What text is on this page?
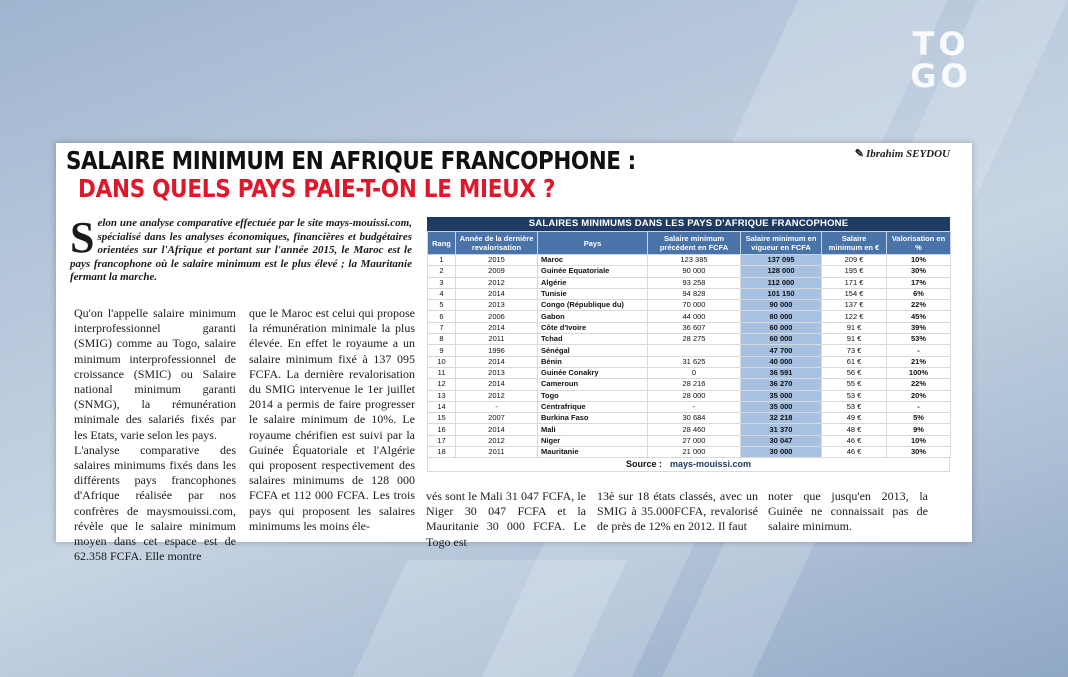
TO
GO
SALAIRE MINIMUM EN AFRIQUE FRANCOPHONE :
DANS QUELS PAYS PAIE-T-ON LE MIEUX ?
✎ Ibrahim SEYDOU
Selon une analyse comparative effectuée par le site mays-mouissi.com, spécialisé dans les analyses économiques, financières et budgétaires orientées sur l'Afrique et portant sur l'année 2015, le Maroc est le pays francophone où le salaire minimum est le plus élevé ; la Mauritanie fermant la marche.

Qu'on l'appelle salaire minimum interprofessionnel garanti (SMIG) comme au Togo, salaire minimum interprofessionnel de croissance (SMIC) ou Salaire national minimum garanti (SNMG), la rémunération minimale des salariés fixés par les Etats, varie selon les pays.

L'analyse comparative des salaires minimums fixés dans les différents pays francophones d'Afrique réalisée par nos confrères de maysmouissi.com, révèle que le salaire minimum moyen dans cet espace est de 62.358 FCFA. Elle montre

que le Maroc est celui qui propose la rémunération minimale la plus élevée. En effet le royaume a un salaire minimum fixé à 137 095 FCFA. La dernière revalorisation du SMIG intervenue le 1er juillet 2014 a permis de faire progresser le salaire minimum de 10%. Le royaume chérifien est suivi par la Guinée Équatoriale et l'Algérie qui proposent respectivement des salaires minimums de 128 000 FCFA et 112 000 FCFA. Les trois pays qui proposent les salaires minimums les moins éle-

vés sont le Mali 31 047 FCFA, le Niger 30 047 FCFA et la Mauritanie 30 000 FCFA. Le Togo est
13è sur 18 états classés, avec un SMIG à 35.000FCFA, revalorisé de près de 12% en 2012. Il faut
noter que jusqu'en 2013, la Guinée ne connaissait pas de salaire minimum.
SALAIRES MINIMUMS DANS LES PAYS D'AFRIQUE FRANCOPHONE
Rang	Année de la dernière revalorisation	Pays	Salaire minimum précédent en FCFA	Salaire minimum en vigueur en FCFA	Salaire minimum en €	Valorisation en %
1	2015	Maroc	123 385	137 095	209 €	10%
2	2009	Guinée Equatoriale	90 000	128 000	195 €	30%
3	2012	Algérie	93 258	112 000	171 €	17%
4	2014	Tunisie	94 828	101 150	154 €	6%
5	2013	Congo (République du)	70 000	90 000	137 €	22%
6	2006	Gabon	44 000	80 000	122 €	45%
7	2014	Côte d'Ivoire	36 607	60 000	91 €	39%
8	2011	Tchad	28 275	60 000	91 €	53%
9	1996	Sénégal		47 700	73 €	-
10	2014	Bénin	31 625	40 000	61 €	21%
11	2013	Guinée Conakry	0	36 591	56 €	100%
12	2014	Cameroun	28 216	36 270	55 €	22%
13	2012	Togo	28 000	35 000	53 €	20%
14	-	Centrafrique	-	35 000	53 €	-
15	2007	Burkina Faso	30 684	32 218	49 €	5%
16	2014	Mali	28 460	31 370	48 €	9%
17	2012	Niger	27 000	30 047	46 €	10%
18	2011	Mauritanie	21 000	30 000	46 €	30%
Source : mays-mouissi.com
